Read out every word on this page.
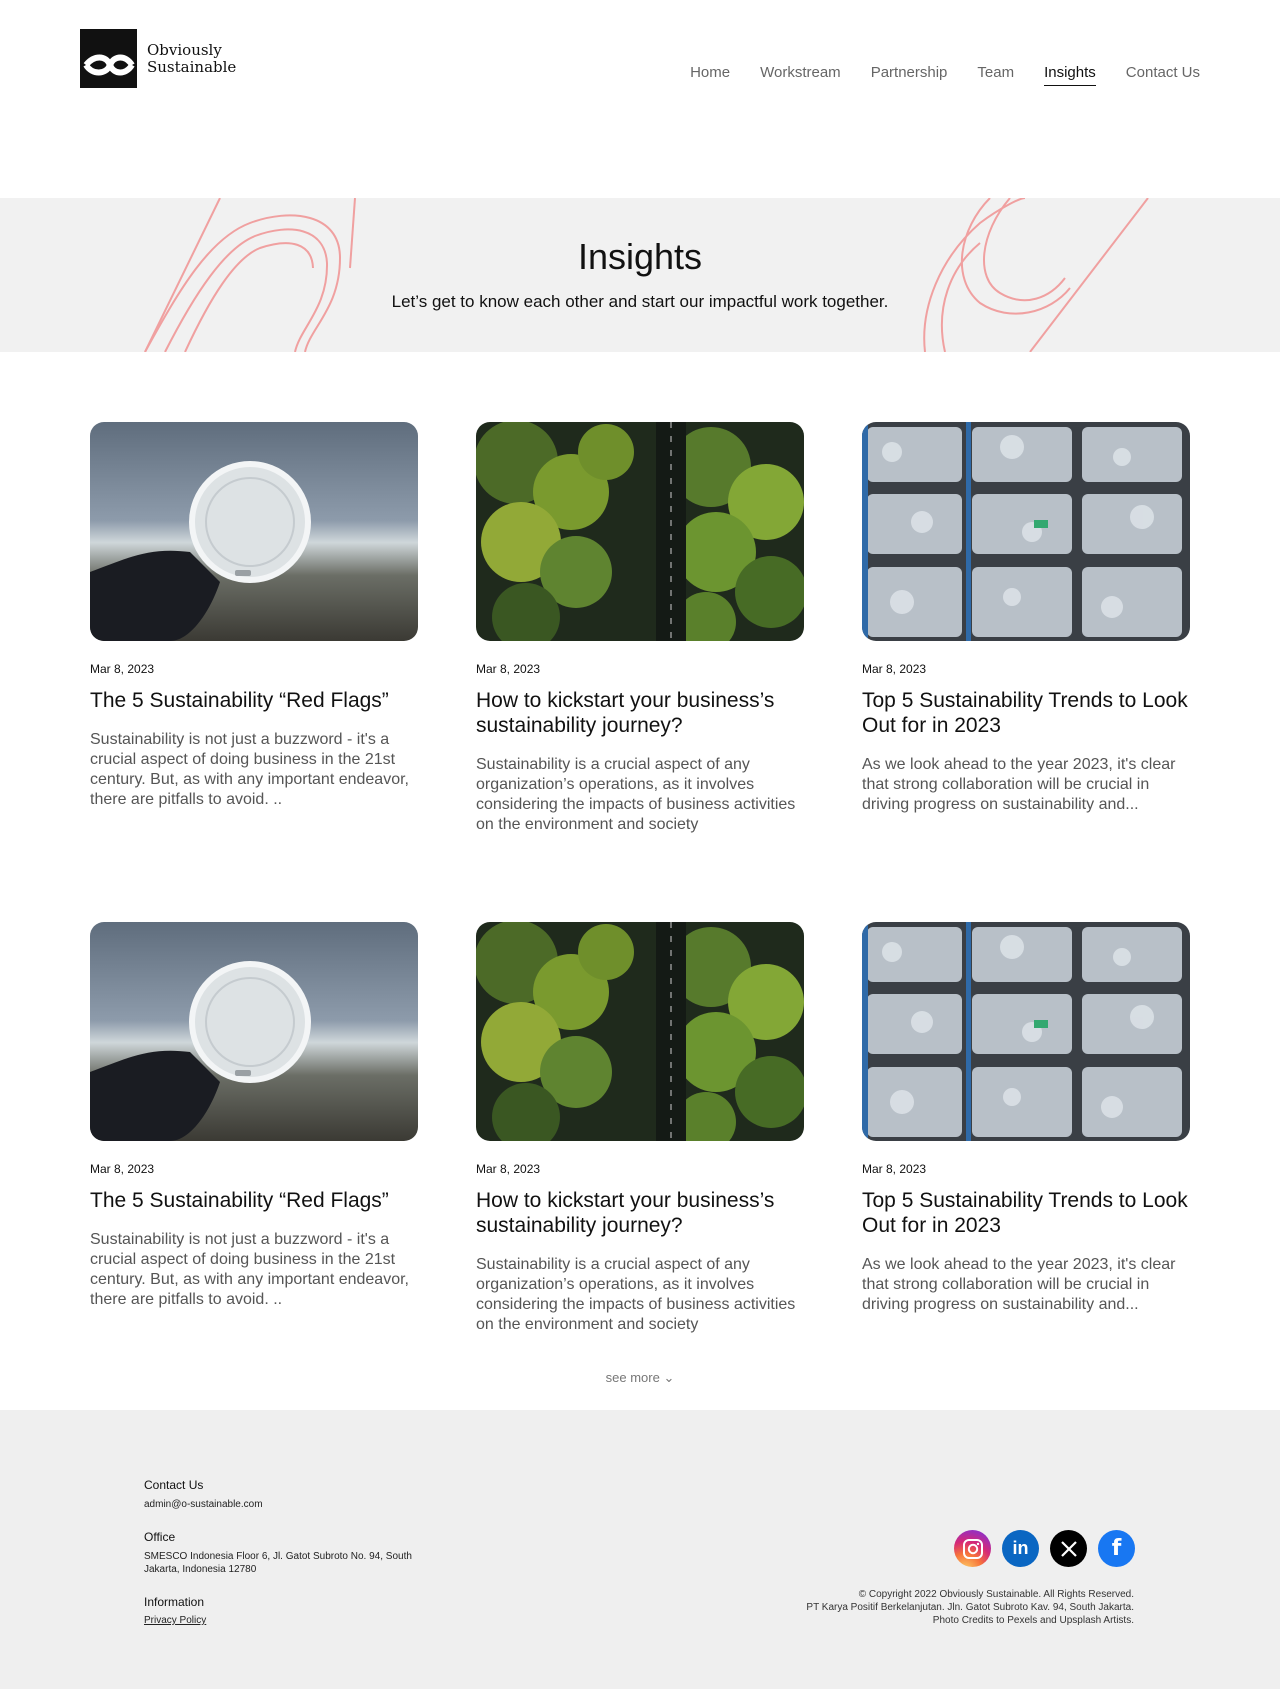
Obviously
Sustainable	Home Workstream Partnership Team Insights Contact Us
Insights

Let’s get to know each other and start our impactful work together.

Mar 8, 2023
The 5 Sustainability “Red Flags”

Sustainability is not just a buzzword - it's a crucial aspect of doing business in the 21st century. But, as with any important endeavor, there are pitfalls to avoid. ..

Mar 8, 2023
How to kickstart your business’s sustainability journey?

Sustainability is a crucial aspect of any organization’s operations, as it involves considering the impacts of business activities on the environment and society

Mar 8, 2023
Top 5 Sustainability Trends to Look Out for in 2023

As we look ahead to the year 2023, it's clear that strong collaboration will be crucial in driving progress on sustainability and...

Mar 8, 2023
The 5 Sustainability “Red Flags”

Sustainability is not just a buzzword - it's a crucial aspect of doing business in the 21st century. But, as with any important endeavor, there are pitfalls to avoid. ..

Mar 8, 2023
How to kickstart your business’s sustainability journey?

Sustainability is a crucial aspect of any organization’s operations, as it involves considering the impacts of business activities on the environment and society

Mar 8, 2023
Top 5 Sustainability Trends to Look Out for in 2023

As we look ahead to the year 2023, it's clear that strong collaboration will be crucial in driving progress on sustainability and...

see more ⌄
Contact Us
admin@o-sustainable.com
Office
SMESCO Indonesia Floor 6, Jl. Gatot Subroto No. 94, South Jakarta, Indonesia 12780
Information
Privacy Policy
in	f
© Copyright 2022 Obviously Sustainable. All Rights Reserved.
PT Karya Positif Berkelanjutan. Jln. Gatot Subroto Kav. 94, South Jakarta.
Photo Credits to Pexels and Upsplash Artists.
